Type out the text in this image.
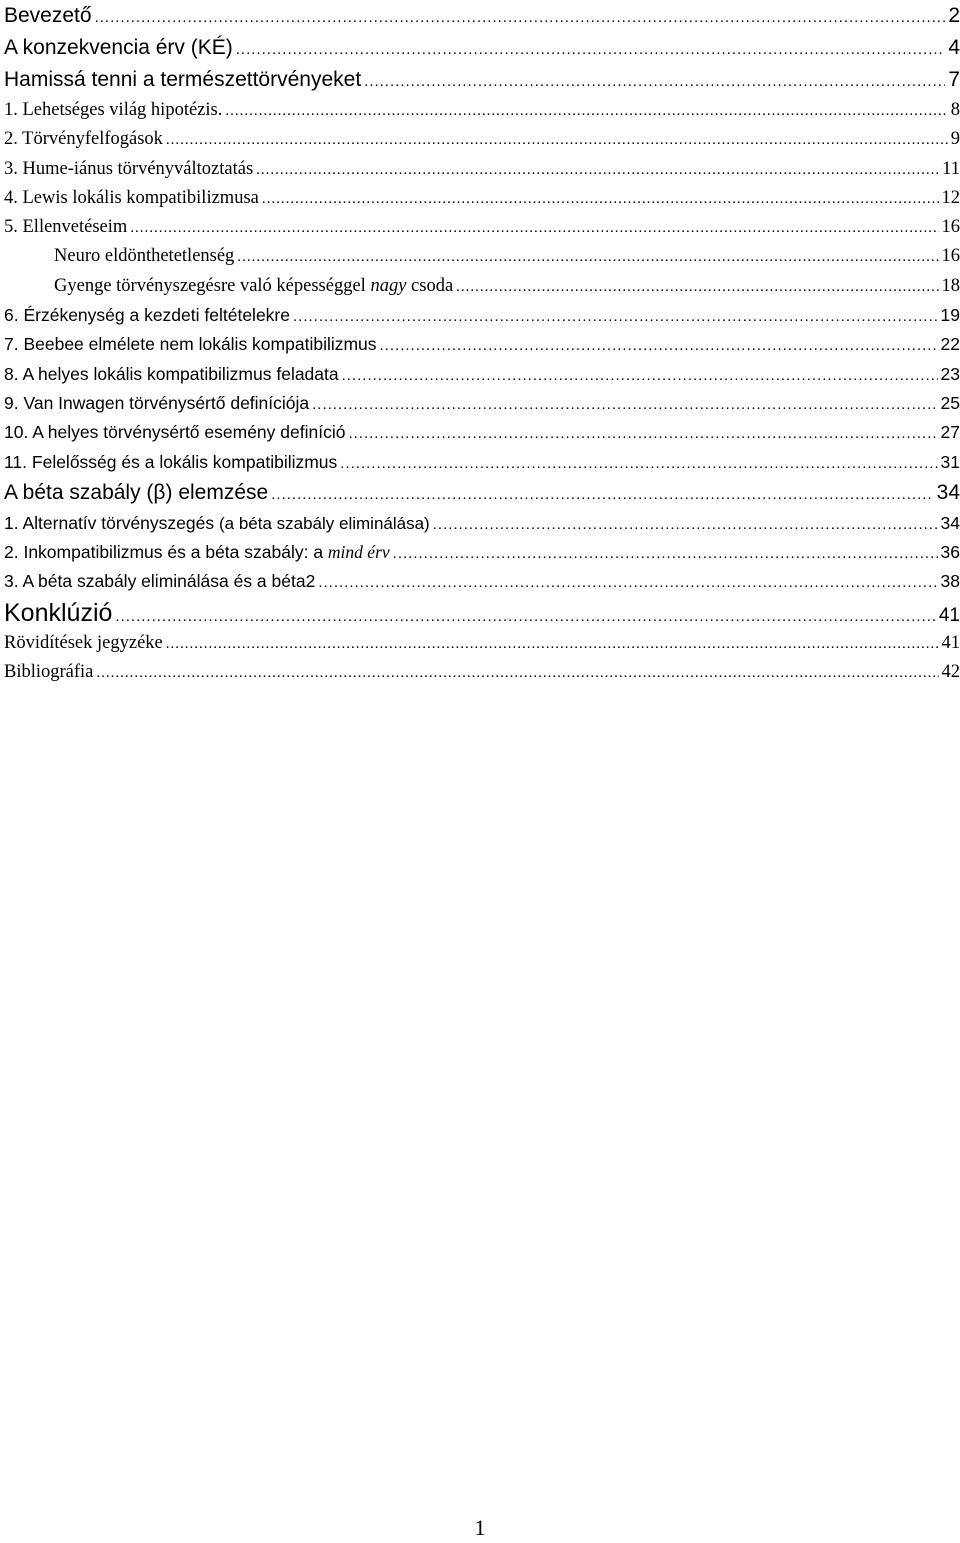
Bevezető .....	2
A konzekvencia érv (KÉ) .....	4
Hamissá tenni a természettörvényeket .....	7
1. Lehetséges világ hipotézis. .....	8
2. Törvényfelfogások .....	9
3. Hume-iánus törvényváltoztatás .....	11
4. Lewis lokális kompatibilizmusa .....	12
5. Ellenvetéseim .....	16
Neuro eldönthetetlenség .....	16
Gyenge törvényszegésre való képességgel nagy csoda .....	18
6. Érzékenység a kezdeti feltételekre .....	19
7. Beebee elmélete nem lokális kompatibilizmus .....	22
8. A helyes lokális kompatibilizmus feladata .....	23
9. Van Inwagen törvénysértő definíciója .....	25
10. A helyes törvénysértő esemény definíció .....	27
11. Felelősség és a lokális kompatibilizmus .....	31
A béta szabály (β) elemzése .....	34
1. Alternatív törvényszegés (a béta szabály eliminálása) .....	34
2. Inkompatibilizmus és a béta szabály: a mind érv .....	36
3. A béta szabály eliminálása és a béta2 .....	38
Konklúzió .....	41
Rövidítések jegyzéke .....	41
Bibliográfia .....	42
1
